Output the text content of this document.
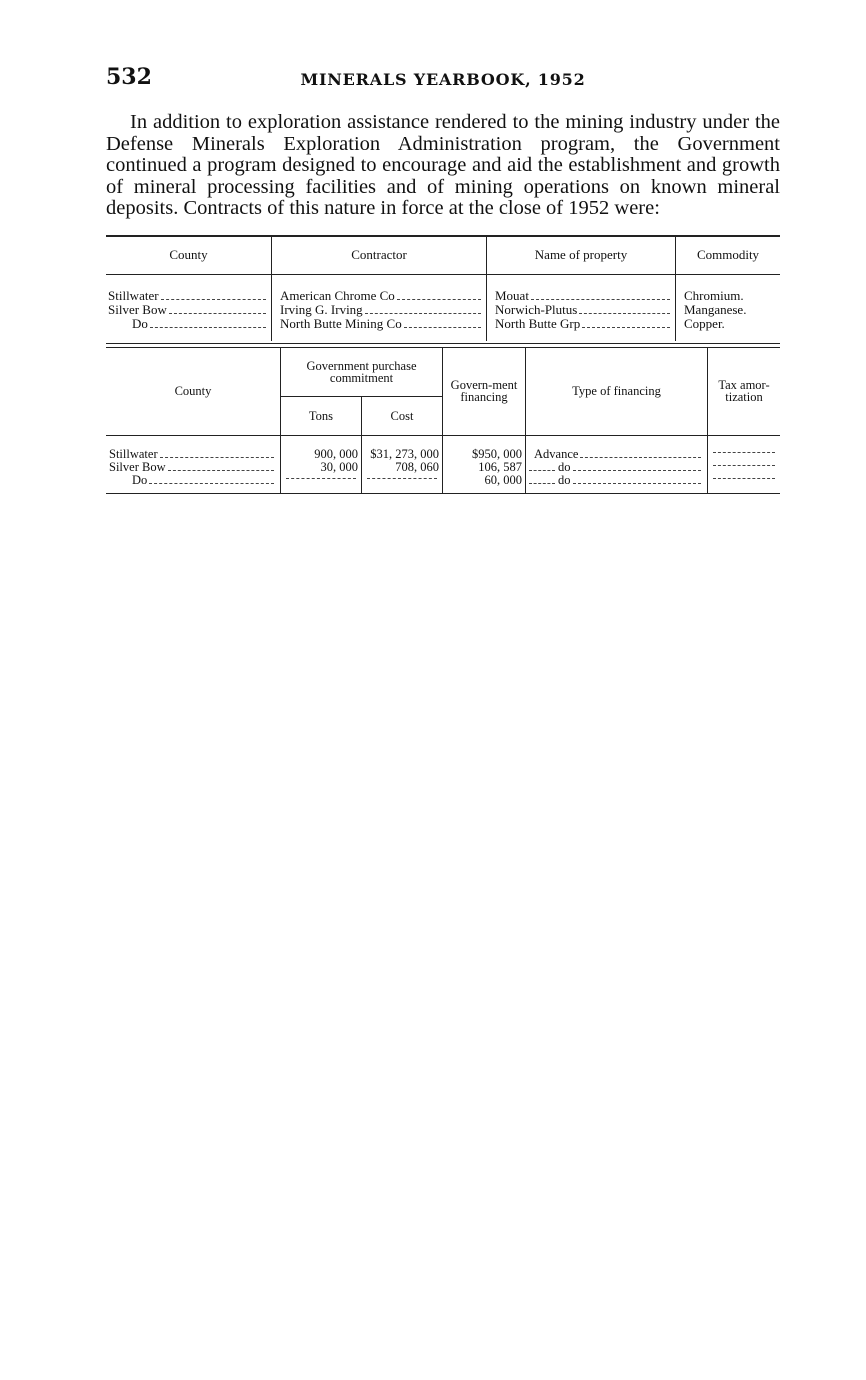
532	MINERALS YEARBOOK, 1952

In addition to exploration assistance rendered to the mining industry under the Defense Minerals Exploration Administration program, the Government continued a program designed to encourage and aid the establishment and growth of mineral processing facilities and of mining operations on known mineral deposits. Contracts of this nature in force at the close of 1952 were:

County	Contractor	Name of property	Commodity

Stillwater	American Chrome Co	Mouat	Chromium.

Silver Bow	Irving G. Irving	Norwich-Plutus	Manganese.

Do	North Butte Mining Co	North Butte Grp	Copper.
County	Government purchase commitment		Govern-ment financing	Type of financing	Tax amor-tization
	Tons	Cost			

Stillwater	900, 000	$31, 273, 000	$950, 000	Advance	

Silver Bow	30, 000	708, 060	106, 587	do	

Do			60, 000	do	
